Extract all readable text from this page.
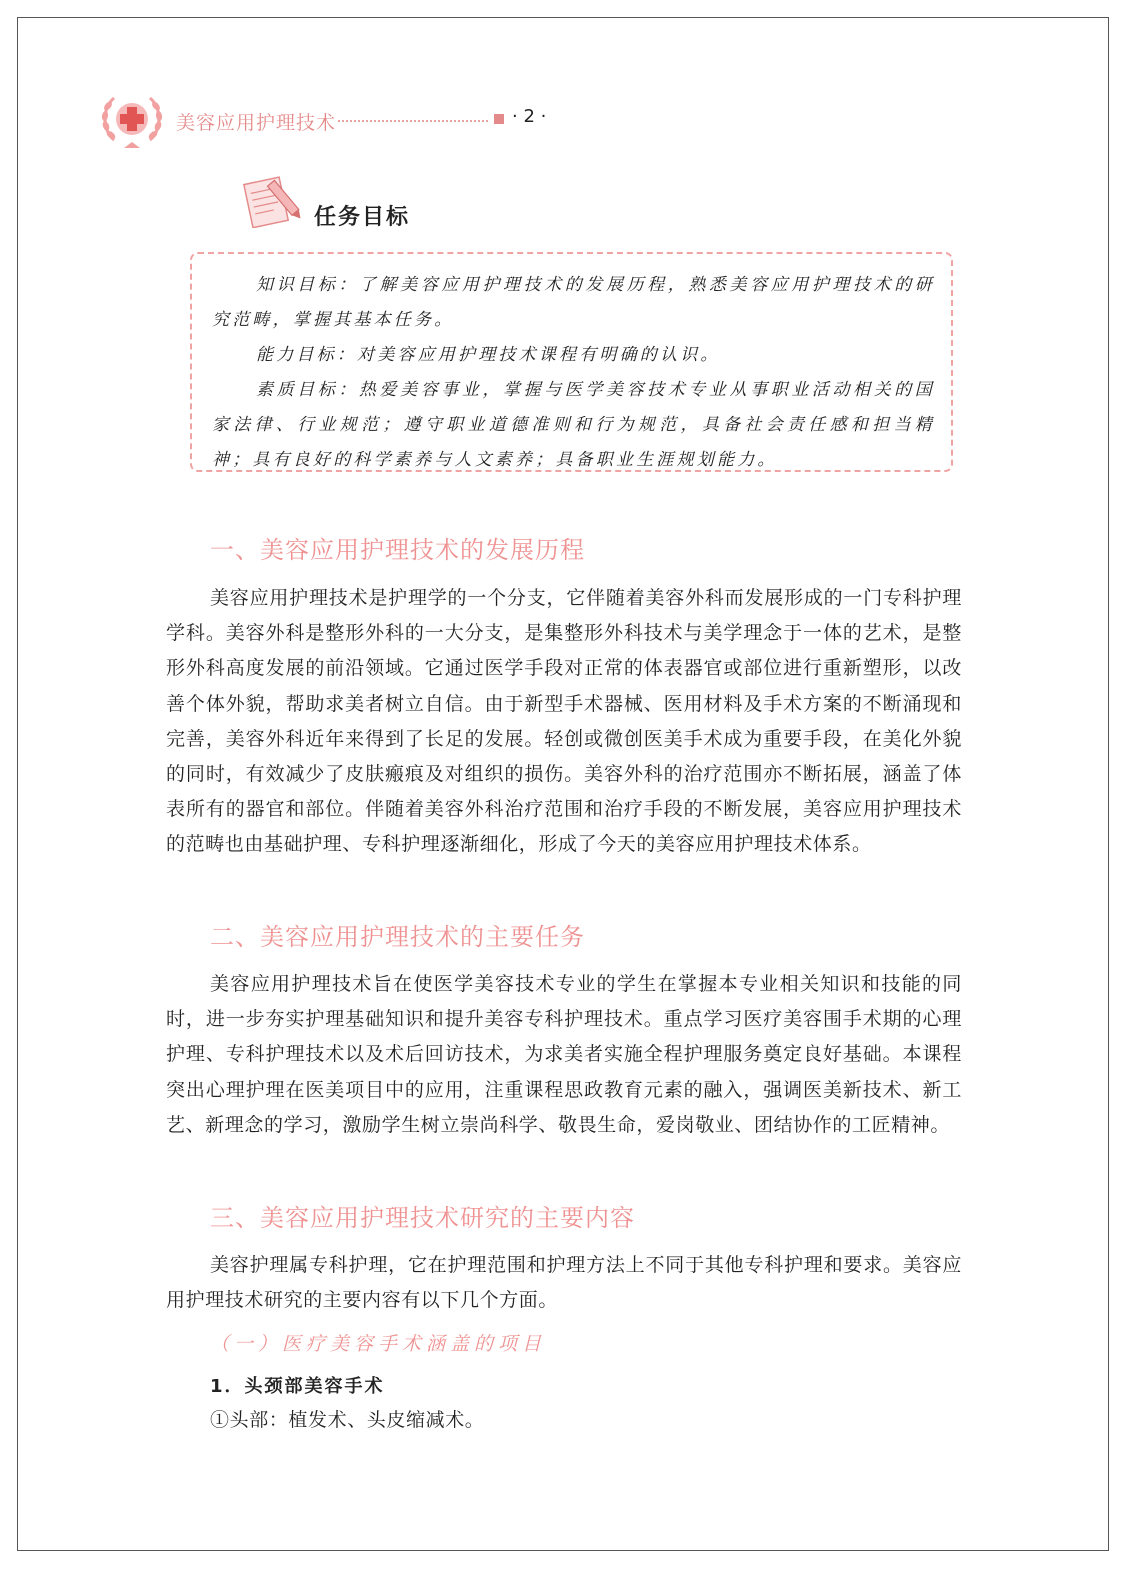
美容应用护理技术	· 2 ·
任务目标

知识目标：了解美容应用护理技术的发展历程，熟悉美容应用护理技术的研究范畴，掌握其基本任务。

能力目标：对美容应用护理技术课程有明确的认识。

素质目标：热爱美容事业，掌握与医学美容技术专业从事职业活动相关的国家法律、行业规范；遵守职业道德准则和行为规范，具备社会责任感和担当精神；具有良好的科学素养与人文素养；具备职业生涯规划能力。

一、美容应用护理技术的发展历程

美容应用护理技术是护理学的一个分支，它伴随着美容外科而发展形成的一门专科护理学科。美容外科是整形外科的一大分支，是集整形外科技术与美学理念于一体的艺术，是整形外科高度发展的前沿领域。它通过医学手段对正常的体表器官或部位进行重新塑形，以改善个体外貌，帮助求美者树立自信。由于新型手术器械、医用材料及手术方案的不断涌现和完善，美容外科近年来得到了长足的发展。轻创或微创医美手术成为重要手段，在美化外貌的同时，有效减少了皮肤瘢痕及对组织的损伤。美容外科的治疗范围亦不断拓展，涵盖了体表所有的器官和部位。伴随着美容外科治疗范围和治疗手段的不断发展，美容应用护理技术的范畴也由基础护理、专科护理逐渐细化，形成了今天的美容应用护理技术体系。

二、美容应用护理技术的主要任务

美容应用护理技术旨在使医学美容技术专业的学生在掌握本专业相关知识和技能的同时，进一步夯实护理基础知识和提升美容专科护理技术。重点学习医疗美容围手术期的心理护理、专科护理技术以及术后回访技术，为求美者实施全程护理服务奠定良好基础。本课程突出心理护理在医美项目中的应用，注重课程思政教育元素的融入，强调医美新技术、新工艺、新理念的学习，激励学生树立崇尚科学、敬畏生命，爱岗敬业、团结协作的工匠精神。

三、美容应用护理技术研究的主要内容

美容护理属专科护理，它在护理范围和护理方法上不同于其他专科护理和要求。美容应用护理技术研究的主要内容有以下几个方面。

（一）医疗美容手术涵盖的项目
1．头颈部美容手术
①头部：植发术、头皮缩减术。
